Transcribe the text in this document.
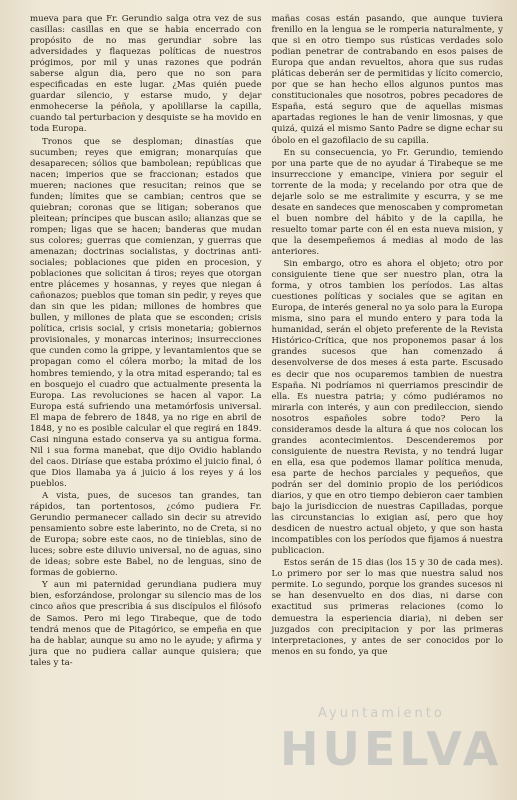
mueva para que Fr. Gerundio salga otra vez de sus casillas: casillas en que se habia encerrado con propósito de no mas gerundiar sobre las adversidades y flaquezas políticas de nuestros prógimos, por mil y unas razones que podrán saberse algun dia, pero que no son para especificadas en este lugar. ¿Mas quién puede guardar silencio, y estarse mudo, y dejar enmohecerse la péñola, y apolillarse la capilla, cuando tal perturbacion y desquiste se ha movido en toda Europa.

Tronos que se desploman; dinastías que sucumben; reyes que emigran; monarquías que desaparecen; sólios que bambolean; repúblicas que nacen; imperios que se fraccionan; estados que mueren; naciones que resucitan; reinos que se funden; límites que se cambian; centros que se quiebran; coronas que se litigan; soberanos que pleitean; príncipes que buscan asilo; alianzas que se rompen; ligas que se hacen; banderas que mudan sus colores; guerras que comienzan, y guerras que amenazan; doctrinas socialistas, y doctrinas anti-sociales; poblaciones que piden en procesion, y poblaciones que solicitan á tiros; reyes que otorgan entre plácemes y hosannas, y reyes que niegan á cañonazos; pueblos que toman sin pedir, y reyes que dan sin que les pidan; millones de hombres que bullen, y millones de plata que se esconden; crisis política, crisis social, y crisis monetaria; gobiernos provisionales, y monarcas interinos; insurrecciones que cunden como la grippe, y levantamientos que se propagan como el cólera morbo; la mitad de los hombres temiendo, y la otra mitad esperando; tal es en bosquejo el cuadro que actualmente presenta la Europa. Las revoluciones se hacen al vapor. La Europa está sufriendo una metamórfosis universal. El mapa de febrero de 1848, ya no rige en abril de 1848, y no es posible calcular el que regirá en 1849. Casi ninguna estado conserva ya su antigua forma. Nil i sua forma manebat, que dijo Ovidio hablando del caos. Diríase que estaba próximo el juicio final, ó que Dios llamaba ya á juicio á los reyes y á los pueblos.

A vista, pues, de sucesos tan grandes, tan rápidos, tan portentosos, ¿cómo pudiera Fr. Gerundio permanecer callado sin decir su atrevido pensamiento sobre este laberinto, no de Creta, si no de Europa; sobre este caos, no de tinieblas, sino de luces; sobre este diluvio universal, no de aguas, sino de ideas; sobre este Babel, no de lenguas, sino de formas de gobierno.

Y aun mi paternidad gerundiana pudiera muy bien, esforzándose, prolongar su silencio mas de los cinco años que prescribia á sus discípulos el filósofo de Samos. Pero mi lego Tirabeque, que de todo tendrá menos que de Pitagórico, se empeña en que ha de hablar, aunque su amo no le ayude; y afirma y jura que no pudiera callar aunque quisiera; que tales y ta-

mañas cosas están pasando, que aunque tuviera frenillo en la lengua se le romperia naturalmente, y que si en otro tiempo sus rústicas verdades solo podian penetrar de contrabando en esos paises de Europa que andan revueltos, ahora que sus rudas pláticas deberán ser de permitidas y lícito comercio, por que se han hecho ellos algunos puntos mas constitucionales que nosotros, pobres pecadores de España, está seguro que de aquellas mismas apartadas regiones le han de venir limosnas, y que quizá, quizá el mismo Santo Padre se digne echar su óbolo en el gazofilacio de su capilla.

En su consecuencia, yo Fr. Gerundio, temiendo por una parte que de no ayudar á Tirabeque se me insurreccione y emancipe, viniera por seguir el torrente de la moda; y recelando por otra que de dejarle solo se me estralimite y escurra, y se me desate en sandeces que menoscaben y comprometan el buen nombre del hábito y de la capilla, he resuelto tomar parte con él en esta nueva mision, y que la desempeñemos á medias al modo de las anteriores.

Sin embargo, otro es ahora el objeto; otro por consiguiente tiene que ser nuestro plan, otra la forma, y otros tambien los períodos. Las altas cuestiones políticas y sociales que se agitan en Europa, de interés general no ya solo para la Europa misma, sino para el mundo entero y para toda la humanidad, serán el objeto preferente de la Revista Histórico-Crítica, que nos proponemos pasar á los grandes sucesos que han comenzado á desenvolverse de dos meses á esta parte. Escusado es decir que nos ocuparemos tambien de nuestra España. Ni podríamos ni querriamos prescindir de ella. Es nuestra patria; y cómo pudiéramos no mirarla con interés, y aun con predileccion, siendo nosotros españoles sobre todo? Pero la consideramos desde la altura á que nos colocan los grandes acontecimientos. Descenderemos por consiguiente de nuestra Revista, y no tendrá lugar en ella, esa que podemos llamar política menuda, esa parte de hechos parciales y pequeños, que podrán ser del dominio propio de los periódicos diarios, y que en otro tiempo debieron caer tambien bajo la jurisdiccion de nuestras Capilladas, porque las circunstancias lo exigian así, pero que hoy desdicen de nuestro actual objeto, y que son hasta incompatibles con los períodos que fijamos á nuestra publicacion.

Estos serán de 15 dias (los 15 y 30 de cada mes). Lo primero por ser lo mas que nuestra salud nos permite. Lo segundo, porque los grandes sucesos ni se han desenvuelto en dos dias, ni darse con exactitud sus primeras relaciones (como lo demuestra la esperiencia diaria), ni deben ser juzgados con precipitacion y por las primeras interpretaciones, y antes de ser conocidos por lo menos en su fondo, ya que

Ayuntamiento
HUELVA
